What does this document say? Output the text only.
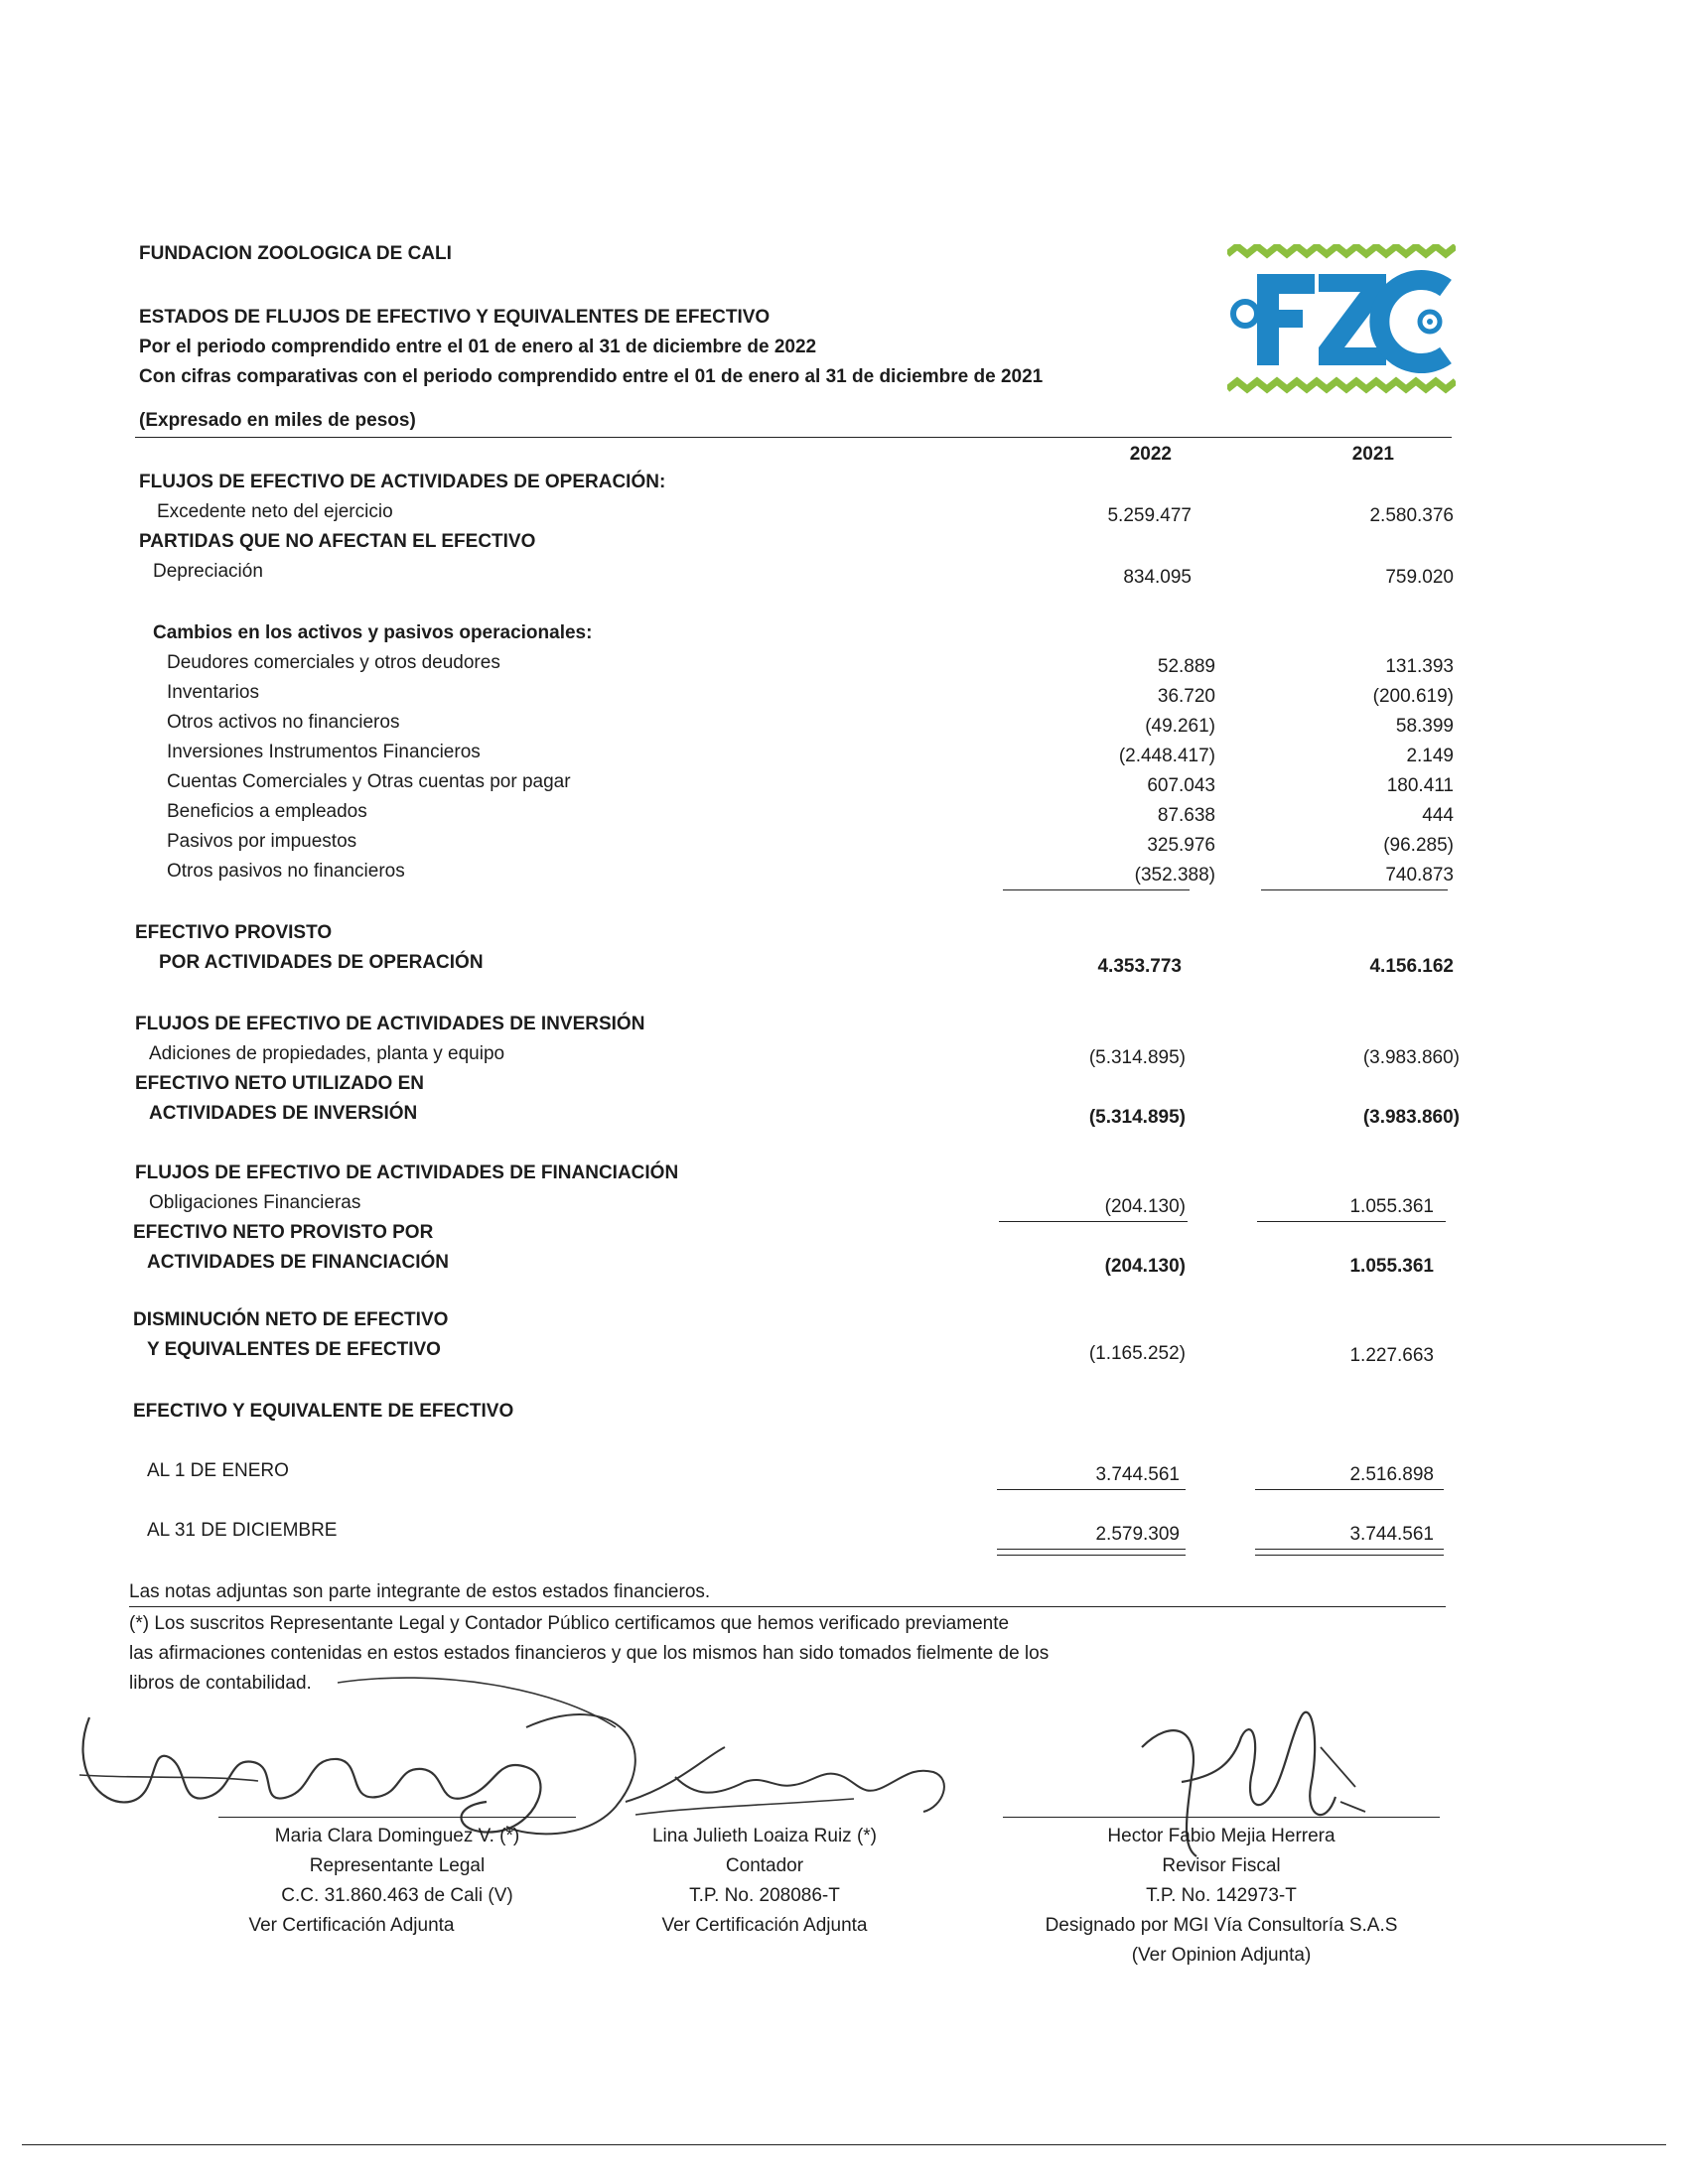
FUNDACION ZOOLOGICA DE CALI
ESTADOS DE FLUJOS DE EFECTIVO Y EQUIVALENTES DE EFECTIVO
Por el periodo comprendido entre el 01 de enero al 31 de diciembre de 2022
Con cifras comparativas con el periodo comprendido entre el 01 de enero al 31 de diciembre de 2021
(Expresado en miles de pesos)
2022	2021
FLUJOS DE EFECTIVO DE ACTIVIDADES DE OPERACIÓN:
Excedente neto del ejercicio	5.259.477	2.580.376
PARTIDAS QUE NO AFECTAN EL EFECTIVO
Depreciación	834.095	759.020
Cambios en los activos y pasivos operacionales:
Deudores comerciales y otros deudores	52.889	131.393
Inventarios	36.720	(200.619)
Otros activos no financieros	(49.261)	58.399
Inversiones Instrumentos Financieros	(2.448.417)	2.149
Cuentas Comerciales y Otras cuentas por pagar	607.043	180.411
Beneficios a empleados	87.638	444
Pasivos por impuestos	325.976	(96.285)
Otros pasivos no financieros	(352.388)	740.873
EFECTIVO PROVISTO
POR ACTIVIDADES DE OPERACIÓN	4.353.773	4.156.162
FLUJOS DE EFECTIVO DE ACTIVIDADES DE INVERSIÓN
Adiciones de propiedades, planta y equipo	(5.314.895)	(3.983.860)
EFECTIVO NETO UTILIZADO EN
ACTIVIDADES DE INVERSIÓN	(5.314.895)	(3.983.860)
FLUJOS DE EFECTIVO DE ACTIVIDADES DE FINANCIACIÓN
Obligaciones Financieras	(204.130)	1.055.361
EFECTIVO NETO PROVISTO POR
ACTIVIDADES DE FINANCIACIÓN	(204.130)	1.055.361
DISMINUCIÓN NETO DE EFECTIVO
Y EQUIVALENTES DE EFECTIVO	(1.165.252)	1.227.663
EFECTIVO Y EQUIVALENTE DE EFECTIVO
AL 1 DE ENERO	3.744.561	2.516.898
AL 31 DE DICIEMBRE	2.579.309	3.744.561
Las notas adjuntas son parte integrante de estos estados financieros.
(*) Los suscritos Representante Legal y Contador Público certificamos que hemos verificado previamente
las afirmaciones contenidas en estos estados financieros y que los mismos han sido tomados fielmente de los
libros de contabilidad.
Maria Clara Dominguez V. (*)
Representante Legal
C.C. 31.860.463 de Cali (V)
Ver Certificación Adjunta
Lina Julieth Loaiza Ruiz (*)
Contador
T.P. No. 208086-T
Ver Certificación Adjunta
Hector Fabio Mejia Herrera
Revisor Fiscal
T.P. No. 142973-T
Designado por MGI Vía Consultoría S.A.S
(Ver Opinion Adjunta)
